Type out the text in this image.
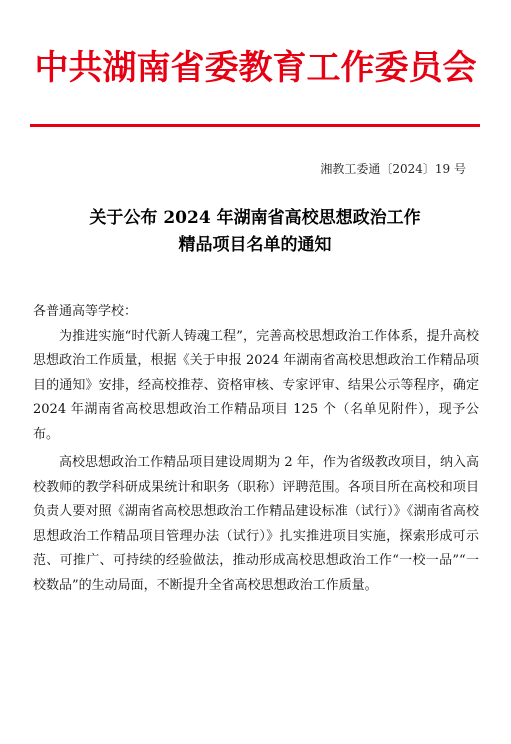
中共湖南省委教育工作委员会
湘教工委通〔2024〕19 号
关于公布 2024 年湖南省高校思想政治工作
精品项目名单的通知

各普通高等学校：

为推进实施“时代新人铸魂工程”，完善高校思想政治工作体系，提升高校思想政治工作质量，根据《关于申报 2024 年湖南省高校思想政治工作精品项目的通知》安排，经高校推荐、资格审核、专家评审、结果公示等程序，确定 2024 年湖南省高校思想政治工作精品项目 125 个（名单见附件），现予公布。

高校思想政治工作精品项目建设周期为 2 年，作为省级教改项目，纳入高校教师的教学科研成果统计和职务（职称）评聘范围。各项目所在高校和项目负责人要对照《湖南省高校思想政治工作精品建设标准（试行）》《湖南省高校思想政治工作精品项目管理办法（试行）》扎实推进项目实施，探索形成可示范、可推广、可持续的经验做法，推动形成高校思想政治工作“一校一品”“一校数品”的生动局面，不断提升全省高校思想政治工作质量。
